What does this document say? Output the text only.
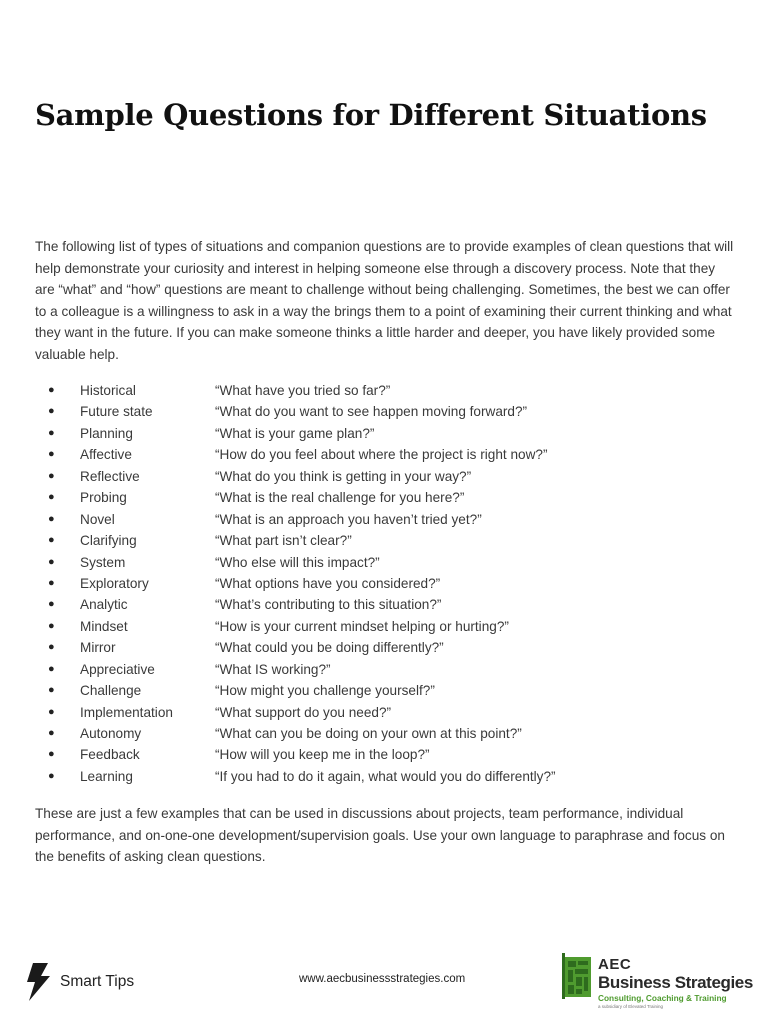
Sample Questions for Different Situations

The following list of types of situations and companion questions are to provide examples of clean questions that will help demonstrate your curiosity and interest in helping someone else through a discovery process. Note that they are “what” and “how” questions are meant to challenge without being challenging. Sometimes, the best we can offer to a colleague is a willingness to ask in a way the brings them to a point of examining their current thinking and what they want in the future. If you can make someone thinks a little harder and deeper, you have likely provided some valuable help.

● Historical	“What have you tried so far?”
● Future state	“What do you want to see happen moving forward?”
● Planning	“What is your game plan?”
● Affective	“How do you feel about where the project is right now?”
● Reflective	“What do you think is getting in your way?”
● Probing	“What is the real challenge for you here?”
● Novel	“What is an approach you haven’t tried yet?”
● Clarifying	“What part isn’t clear?”
● System	“Who else will this impact?”
● Exploratory	“What options have you considered?”
● Analytic	“What’s contributing to this situation?”
● Mindset	“How is your current mindset helping or hurting?”
● Mirror	“What could you be doing differently?”
● Appreciative	“What IS working?”
● Challenge	“How might you challenge yourself?”
● Implementation	“What support do you need?”
● Autonomy	“What can you be doing on your own at this point?”
● Feedback	“How will you keep me in the loop?”
● Learning	“If you had to do it again, what would you do differently?”

These are just a few examples that can be used in discussions about projects, team performance, individual performance, and on-one-one development/supervision goals. Use your own language to paraphrase and focus on the benefits of asking clean questions.

Smart Tips	www.aecbusinessstrategies.com
AEC
Business Strategies
Consulting, Coaching & Training
a subsidiary of Elevated Training
